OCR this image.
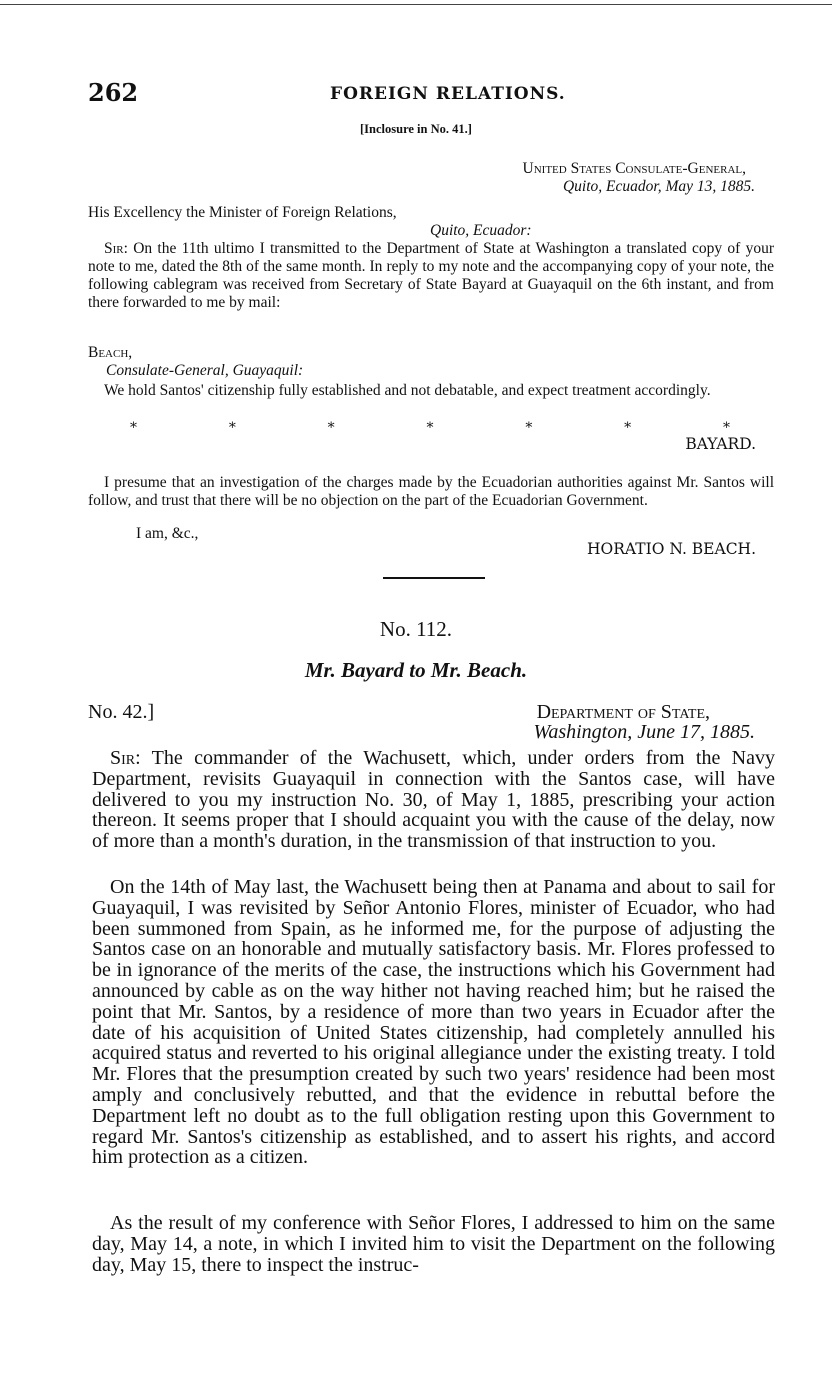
262	FOREIGN RELATIONS.
[Inclosure in No. 41.]
United States Consulate-General,
Quito, Ecuador, May 13, 1885.
His Excellency the Minister of Foreign Relations,
Quito, Ecuador:
Sir: On the 11th ultimo I transmitted to the Department of State at Washington a translated copy of your note to me, dated the 8th of the same month. In reply to my note and the accompanying copy of your note, the following cablegram was received from Secretary of State Bayard at Guayaquil on the 6th instant, and from there forwarded to me by mail:
Beach,
Consulate-General, Guayaquil:
We hold Santos' citizenship fully established and not debatable, and expect treatment accordingly.
*	*	*	*	*	*	*
BAYARD.
I presume that an investigation of the charges made by the Ecuadorian authorities against Mr. Santos will follow, and trust that there will be no objection on the part of the Ecuadorian Government.
I am, &c.,
HORATIO N. BEACH.
No. 112.
Mr. Bayard to Mr. Beach.
No. 42.]	Department of State,
Washington, June 17, 1885.
Sir: The commander of the Wachusett, which, under orders from the Navy Department, revisits Guayaquil in connection with the Santos case, will have delivered to you my instruction No. 30, of May 1, 1885, prescribing your action thereon. It seems proper that I should acquaint you with the cause of the delay, now of more than a month's duration, in the transmission of that instruction to you.
On the 14th of May last, the Wachusett being then at Panama and about to sail for Guayaquil, I was revisited by Señor Antonio Flores, minister of Ecuador, who had been summoned from Spain, as he informed me, for the purpose of adjusting the Santos case on an honorable and mutually satisfactory basis. Mr. Flores professed to be in ignorance of the merits of the case, the instructions which his Government had announced by cable as on the way hither not having reached him; but he raised the point that Mr. Santos, by a residence of more than two years in Ecuador after the date of his acquisition of United States citizenship, had completely annulled his acquired status and reverted to his original allegiance under the existing treaty. I told Mr. Flores that the presumption created by such two years' residence had been most amply and conclusively rebutted, and that the evidence in rebuttal before the Department left no doubt as to the full obligation resting upon this Government to regard Mr. Santos's citizenship as established, and to assert his rights, and accord him protection as a citizen.
As the result of my conference with Señor Flores, I addressed to him on the same day, May 14, a note, in which I invited him to visit the Department on the following day, May 15, there to inspect the instruc-
